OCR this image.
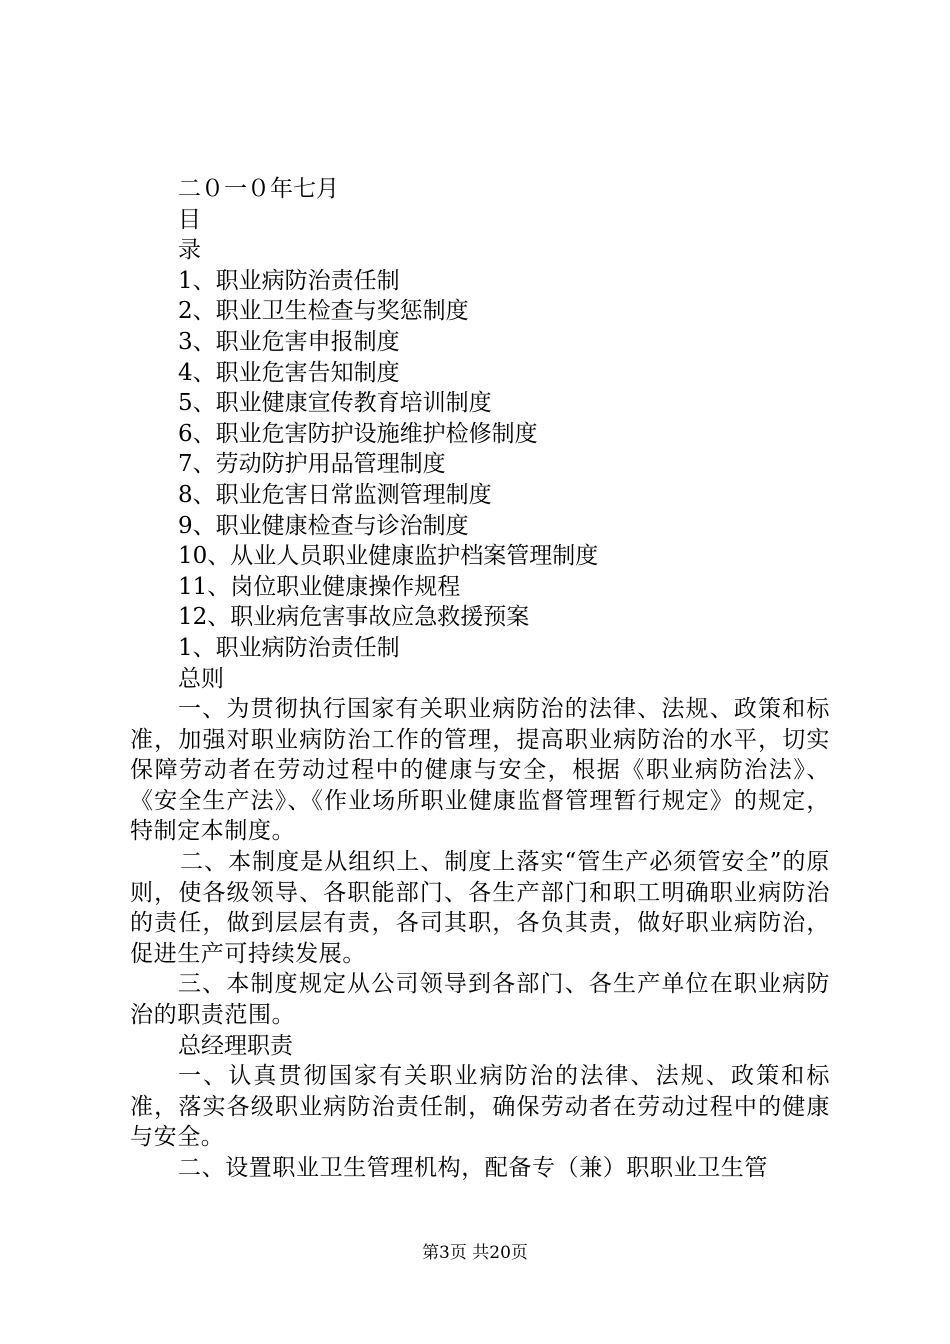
二０一０年七月

目

录

1、职业病防治责任制

2、职业卫生检查与奖惩制度

3、职业危害申报制度

4、职业危害告知制度

5、职业健康宣传教育培训制度

6、职业危害防护设施维护检修制度

7、劳动防护用品管理制度

8、职业危害日常监测管理制度

9、职业健康检查与诊治制度

10、从业人员职业健康监护档案管理制度

11、岗位职业健康操作规程

12、职业病危害事故应急救援预案

1、职业病防治责任制

总则

一、为贯彻执行国家有关职业病防治的法律、法规、政策和标准，加强对职业病防治工作的管理，提高职业病防治的水平，切实保障劳动者在劳动过程中的健康与安全，根据《职业病防治法》、《安全生产法》、《作业场所职业健康监督管理暂行规定》的规定，特制定本制度。

二、本制度是从组织上、制度上落实“管生产必须管安全”的原则，使各级领导、各职能部门、各生产部门和职工明确职业病防治的责任，做到层层有责，各司其职，各负其责，做好职业病防治，促进生产可持续发展。

三、本制度规定从公司领导到各部门、各生产单位在职业病防治的职责范围。

总经理职责

一、认真贯彻国家有关职业病防治的法律、法规、政策和标准，落实各级职业病防治责任制，确保劳动者在劳动过程中的健康与安全。

二、设置职业卫生管理机构，配备专（兼）职职业卫生管

第3页 共20页
